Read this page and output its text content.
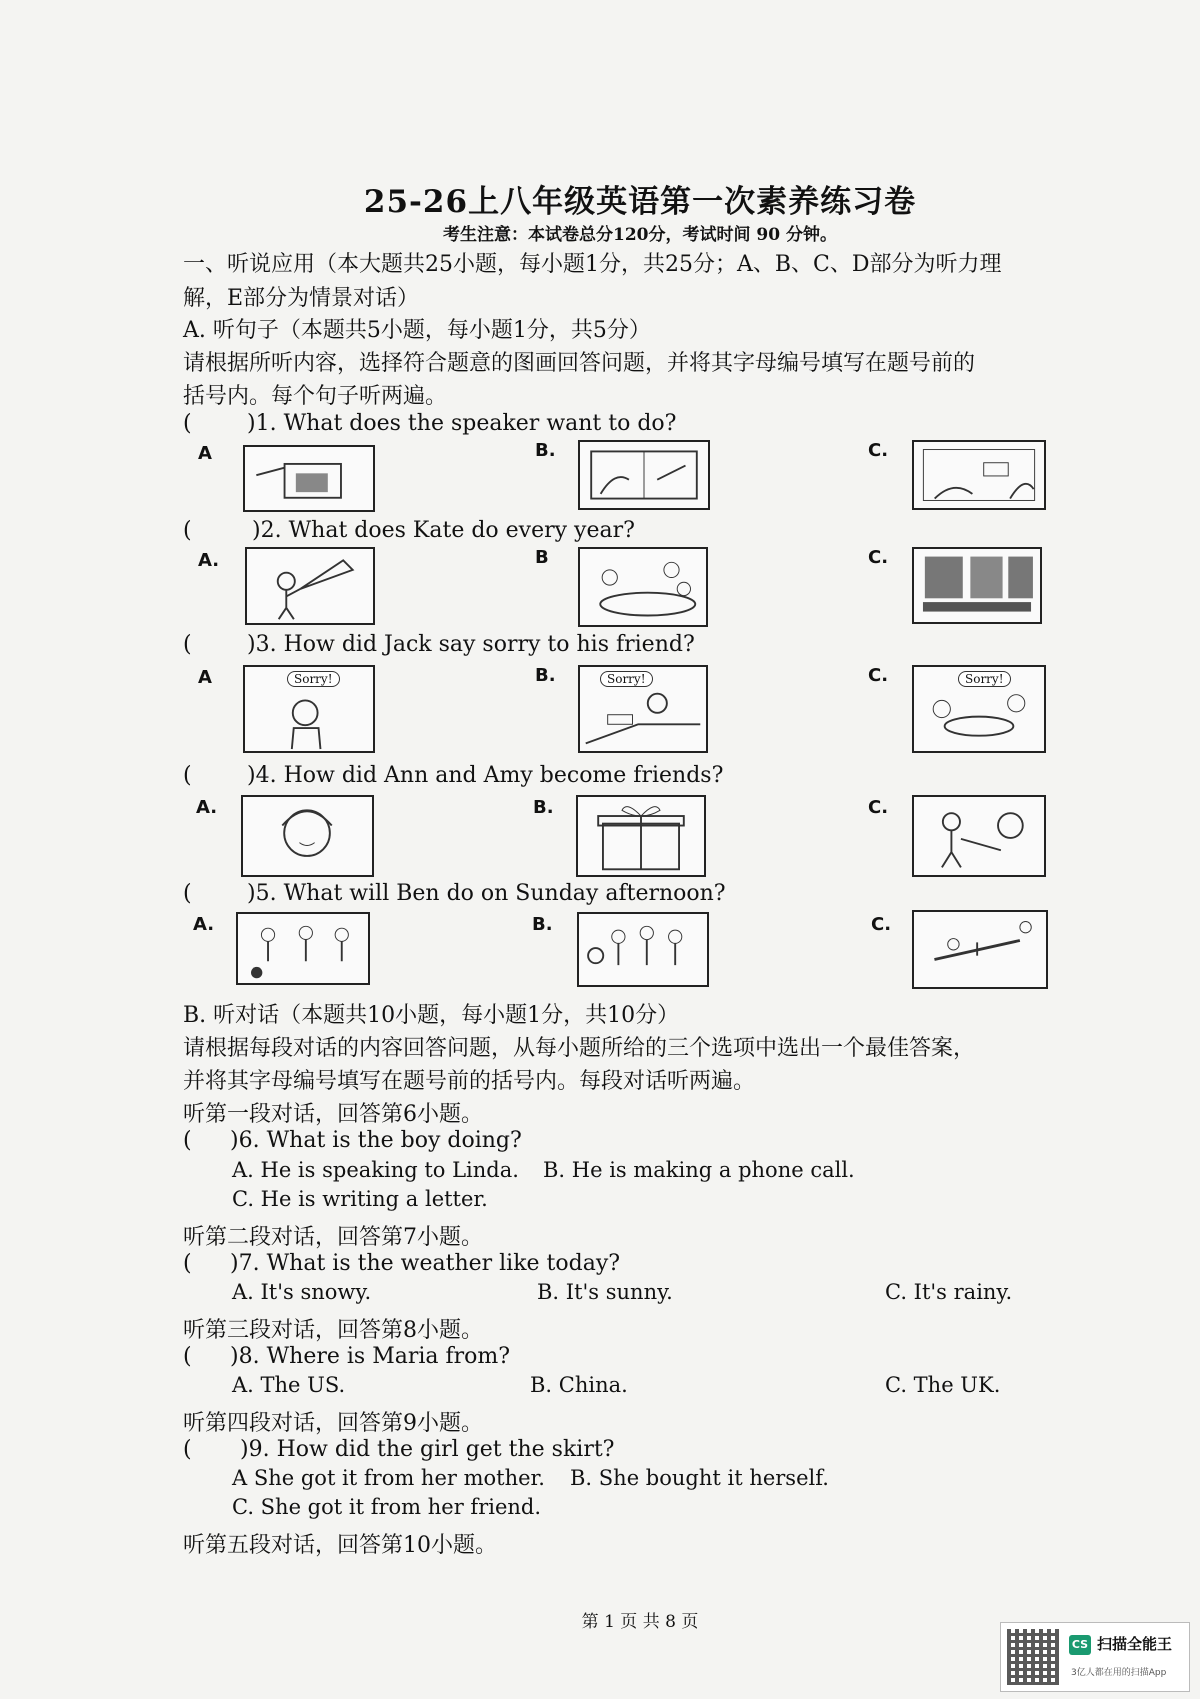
25-26上八年级英语第一次素养练习卷
考生注意：本试卷总分120分，考试时间 90 分钟。
一、听说应用（本大题共25小题，每小题1分，共25分；A、B、C、D部分为听力理
解，E部分为情景对话）
A. 听句子（本题共5小题，每小题1分，共5分）
请根据所听内容，选择符合题意的图画回答问题，并将其字母编号填写在题号前的
括号内。每个句子听两遍。
(	)1. What does the speaker want to do?
A	B.	C.
(	)2. What does Kate do every year?
A.	B	C.
(	)3. How did Jack say sorry to his friend?
A	Sorry!	B.	Sorry!	C.	Sorry!
(	)4. How did Ann and Amy become friends?
A.	B.	C.
(	)5. What will Ben do on Sunday afternoon?
A.	B.	C.
B. 听对话（本题共10小题，每小题1分，共10分）
请根据每段对话的内容回答问题，从每小题所给的三个选项中选出一个最佳答案，
并将其字母编号填写在题号前的括号内。每段对话听两遍。
听第一段对话，回答第6小题。
( )6. What is the boy doing?
A. He is speaking to Linda. B. He is making a phone call.
C. He is writing a letter.
听第二段对话，回答第7小题。
( )7. What is the weather like today?
A. It's snowy.	B. It's sunny.	C. It's rainy.
听第三段对话，回答第8小题。
( )8. Where is Maria from?
A. The US.	B. China.	C. The UK.
听第四段对话，回答第9小题。
( )9. How did the girl get the skirt?
A She got it from her mother. B. She bought it herself.
C. She got it from her friend.
听第五段对话，回答第10小题。
第 1 页 共 8 页
CS 扫描全能王
3亿人都在用的扫描App
